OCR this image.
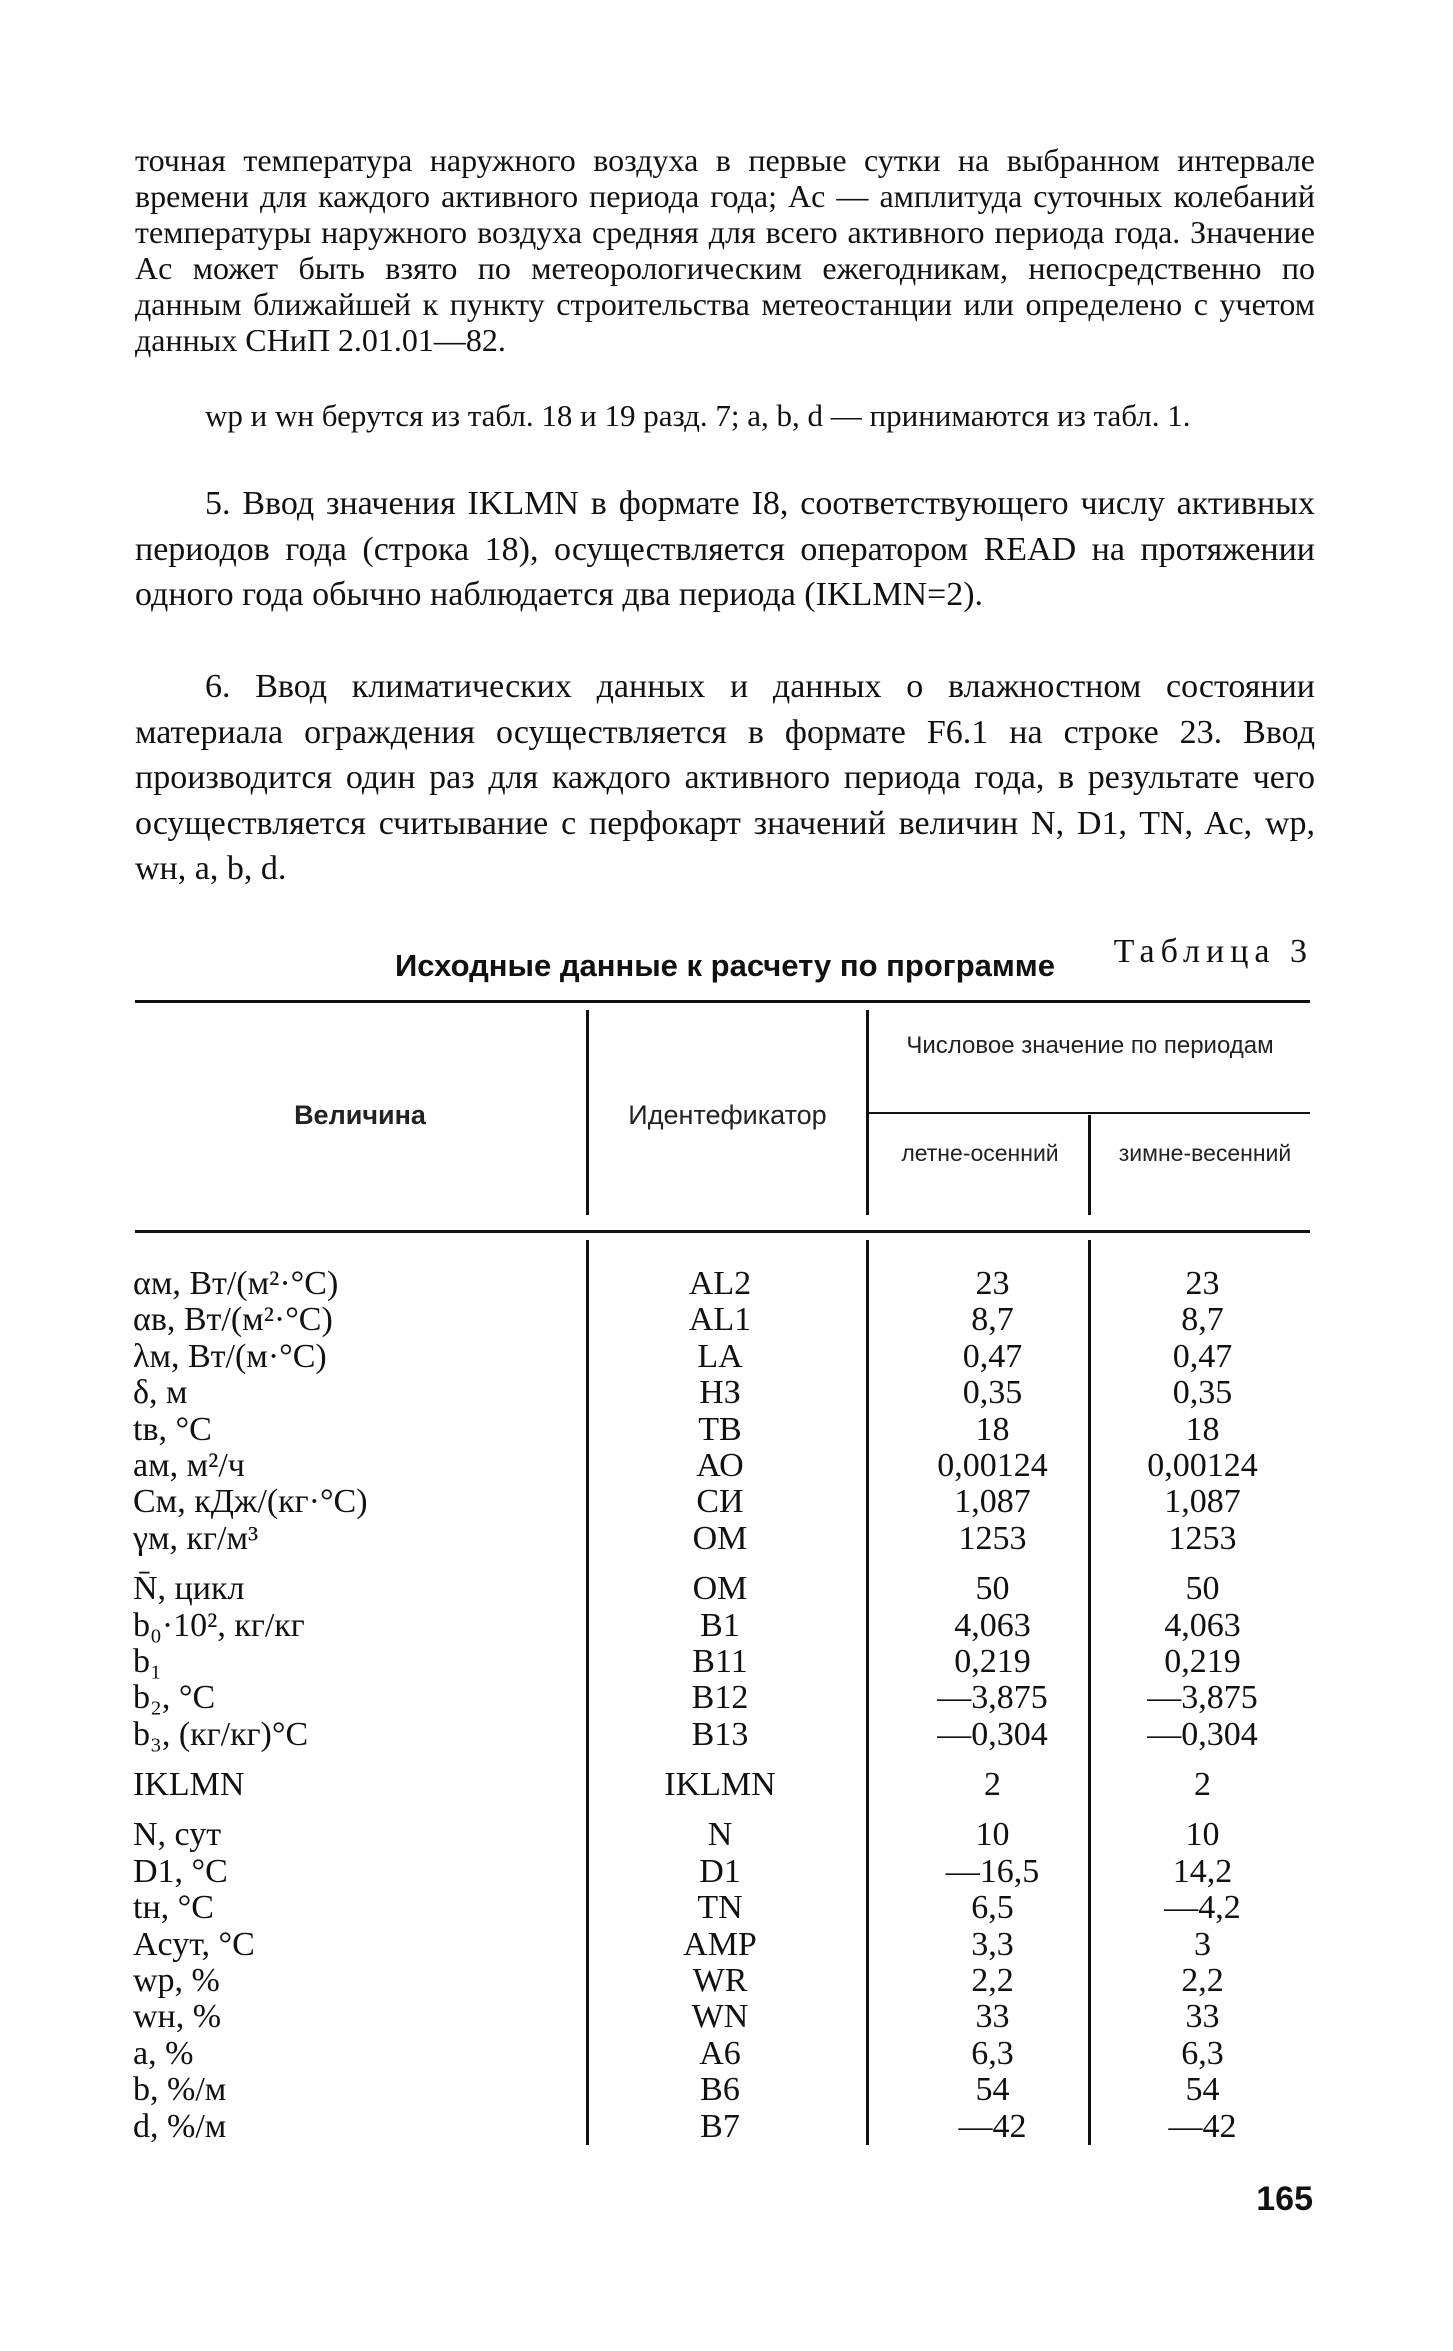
точная температура наружного воздуха в первые сутки на выбранном интервале времени для каждого активного периода года; Aс — амплитуда суточных колебаний температуры наружного воздуха средняя для всего активного периода года. Значение Aс может быть взято по метеорологическим ежегодникам, непосредственно по данным ближайшей к пункту строительства метеостанции или определено с учетом данных СНиП 2.01.01—82.
wр и wн берутся из табл. 18 и 19 разд. 7; a, b, d — принимаются из табл. 1.
5. Ввод значения IKLMN в формате I8, соответствующего числу активных периодов года (строка 18), осуществляется оператором READ на протяжении одного года обычно наблюдается два периода (IKLMN=2).
6. Ввод климатических данных и данных о влажностном состоянии материала ограждения осуществляется в формате F6.1 на строке 23. Ввод производится один раз для каждого активного периода года, в результате чего осуществляется считывание с перфокарт значений величин N, D1, TN, Aс, wр, wн, a, b, d.
Таблица 3
Исходные данные к расчету по программе
Величина	Идентефикатор
Числовое значение по периодам
летне-осенний	зимне-весенний
αм, Вт/(м²·°С)	AL2	23	23
αв, Вт/(м²·°С)	AL1	8,7	8,7
λм, Вт/(м·°С)	LA	0,47	0,47
δ, м	НЗ	0,35	0,35
tв, °С	ТВ	18	18
aм, м²/ч	АО	0,00124	0,00124
Cм, кДж/(кг·°С)	СИ	1,087	1,087
γм, кг/м³	ОМ	1253	1253
N̄, цикл	ОМ	50	50
b₀·10², кг/кг	В1	4,063	4,063
b₁	В11	0,219	0,219
b₂, °С	В12	—3,875	—3,875
b₃, (кг/кг)°С	В13	—0,304	—0,304
IKLMN	IKLMN	2	2
N, сут	N	10	10
D1, °С	D1	—16,5	14,2
tн, °С	TN	6,5	—4,2
Aсут, °С	AMP	3,3	3
wр, %	WR	2,2	2,2
wн, %	WN	33	33
a, %	А6	6,3	6,3
b, %/м	В6	54	54
d, %/м	В7	—42	—42
165
